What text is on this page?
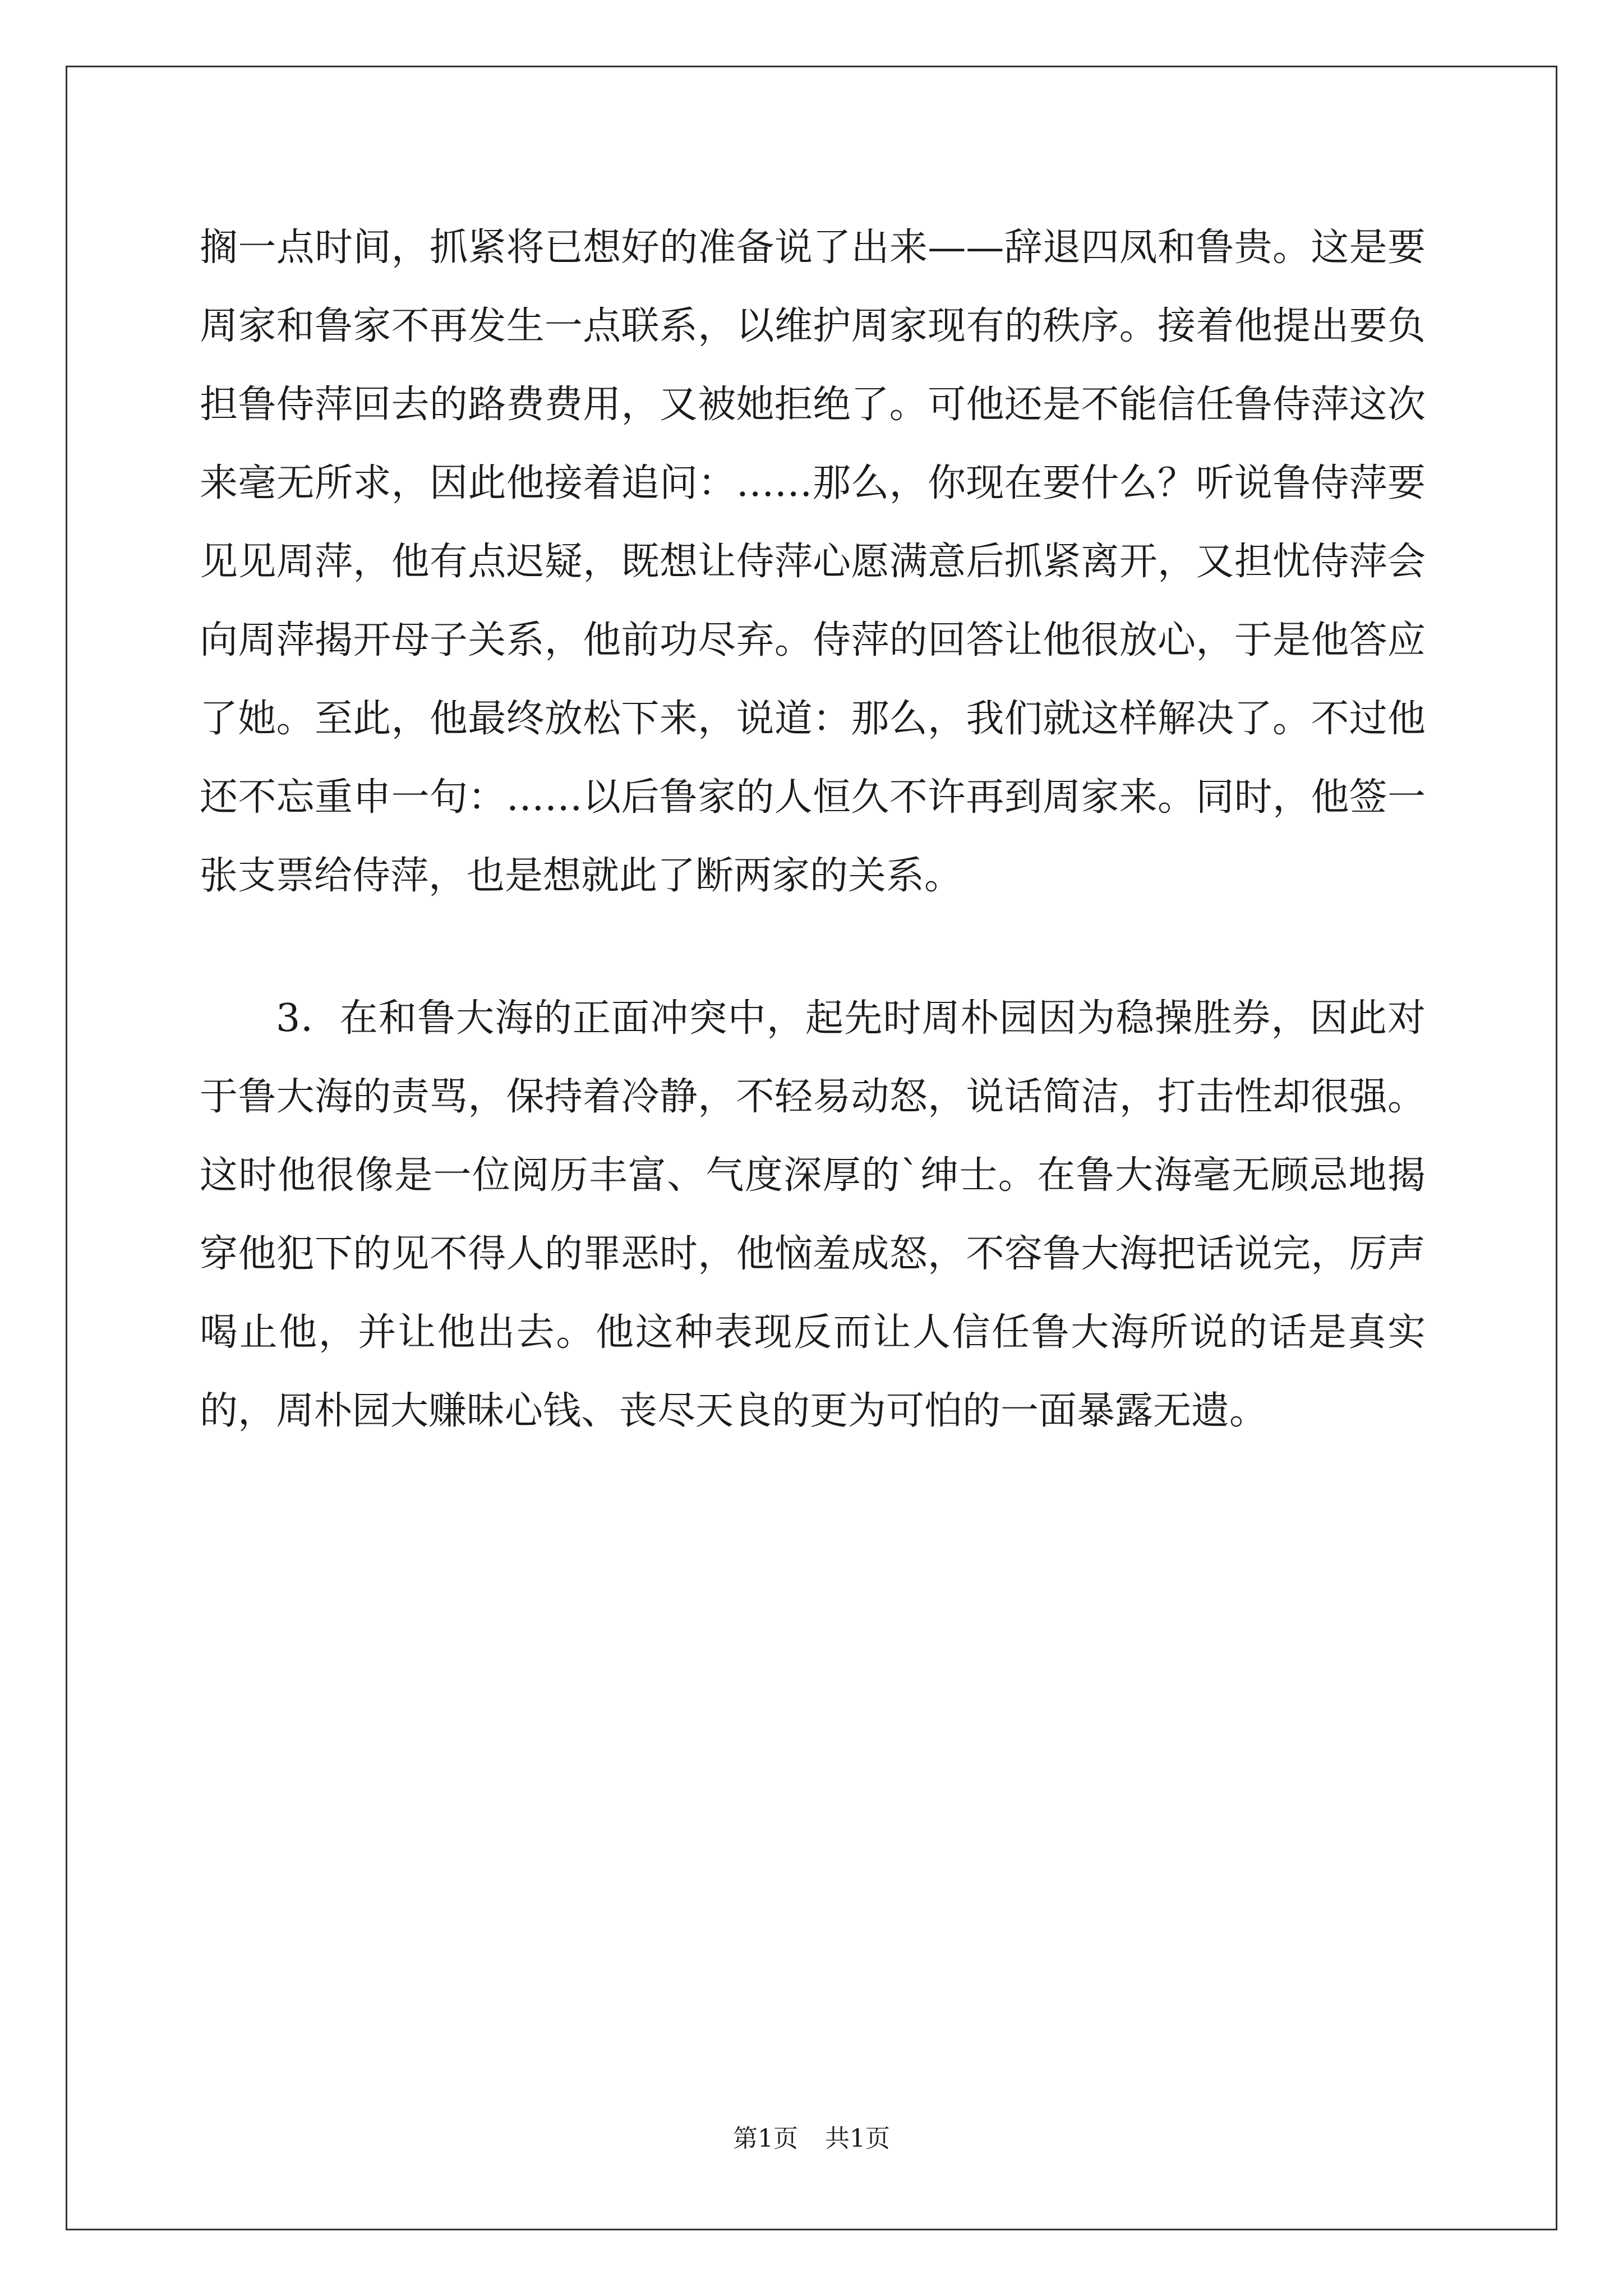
搁一点时间，抓紧将已想好的准备说了出来——辞退四凤和鲁贵。这是要周家和鲁家不再发生一点联系，以维护周家现有的秩序。接着他提出要负担鲁侍萍回去的路费费用，又被她拒绝了。可他还是不能信任鲁侍萍这次来毫无所求，因此他接着追问：……那么，你现在要什么？听说鲁侍萍要见见周萍，他有点迟疑，既想让侍萍心愿满意后抓紧离开，又担忧侍萍会向周萍揭开母子关系，他前功尽弃。侍萍的回答让他很放心，于是他答应了她。至此，他最终放松下来，说道：那么，我们就这样解决了。不过他还不忘重申一句：……以后鲁家的人恒久不许再到周家来。同时，他签一张支票给侍萍，也是想就此了断两家的关系。

3．在和鲁大海的正面冲突中，起先时周朴园因为稳操胜券，因此对于鲁大海的责骂，保持着冷静，不轻易动怒，说话简洁，打击性却很强。这时他很像是一位阅历丰富、气度深厚的`绅士。在鲁大海毫无顾忌地揭穿他犯下的见不得人的罪恶时，他恼羞成怒，不容鲁大海把话说完，厉声喝止他，并让他出去。他这种表现反而让人信任鲁大海所说的话是真实的，周朴园大赚昧心钱、丧尽天良的更为可怕的一面暴露无遗。

第1页 共1页
